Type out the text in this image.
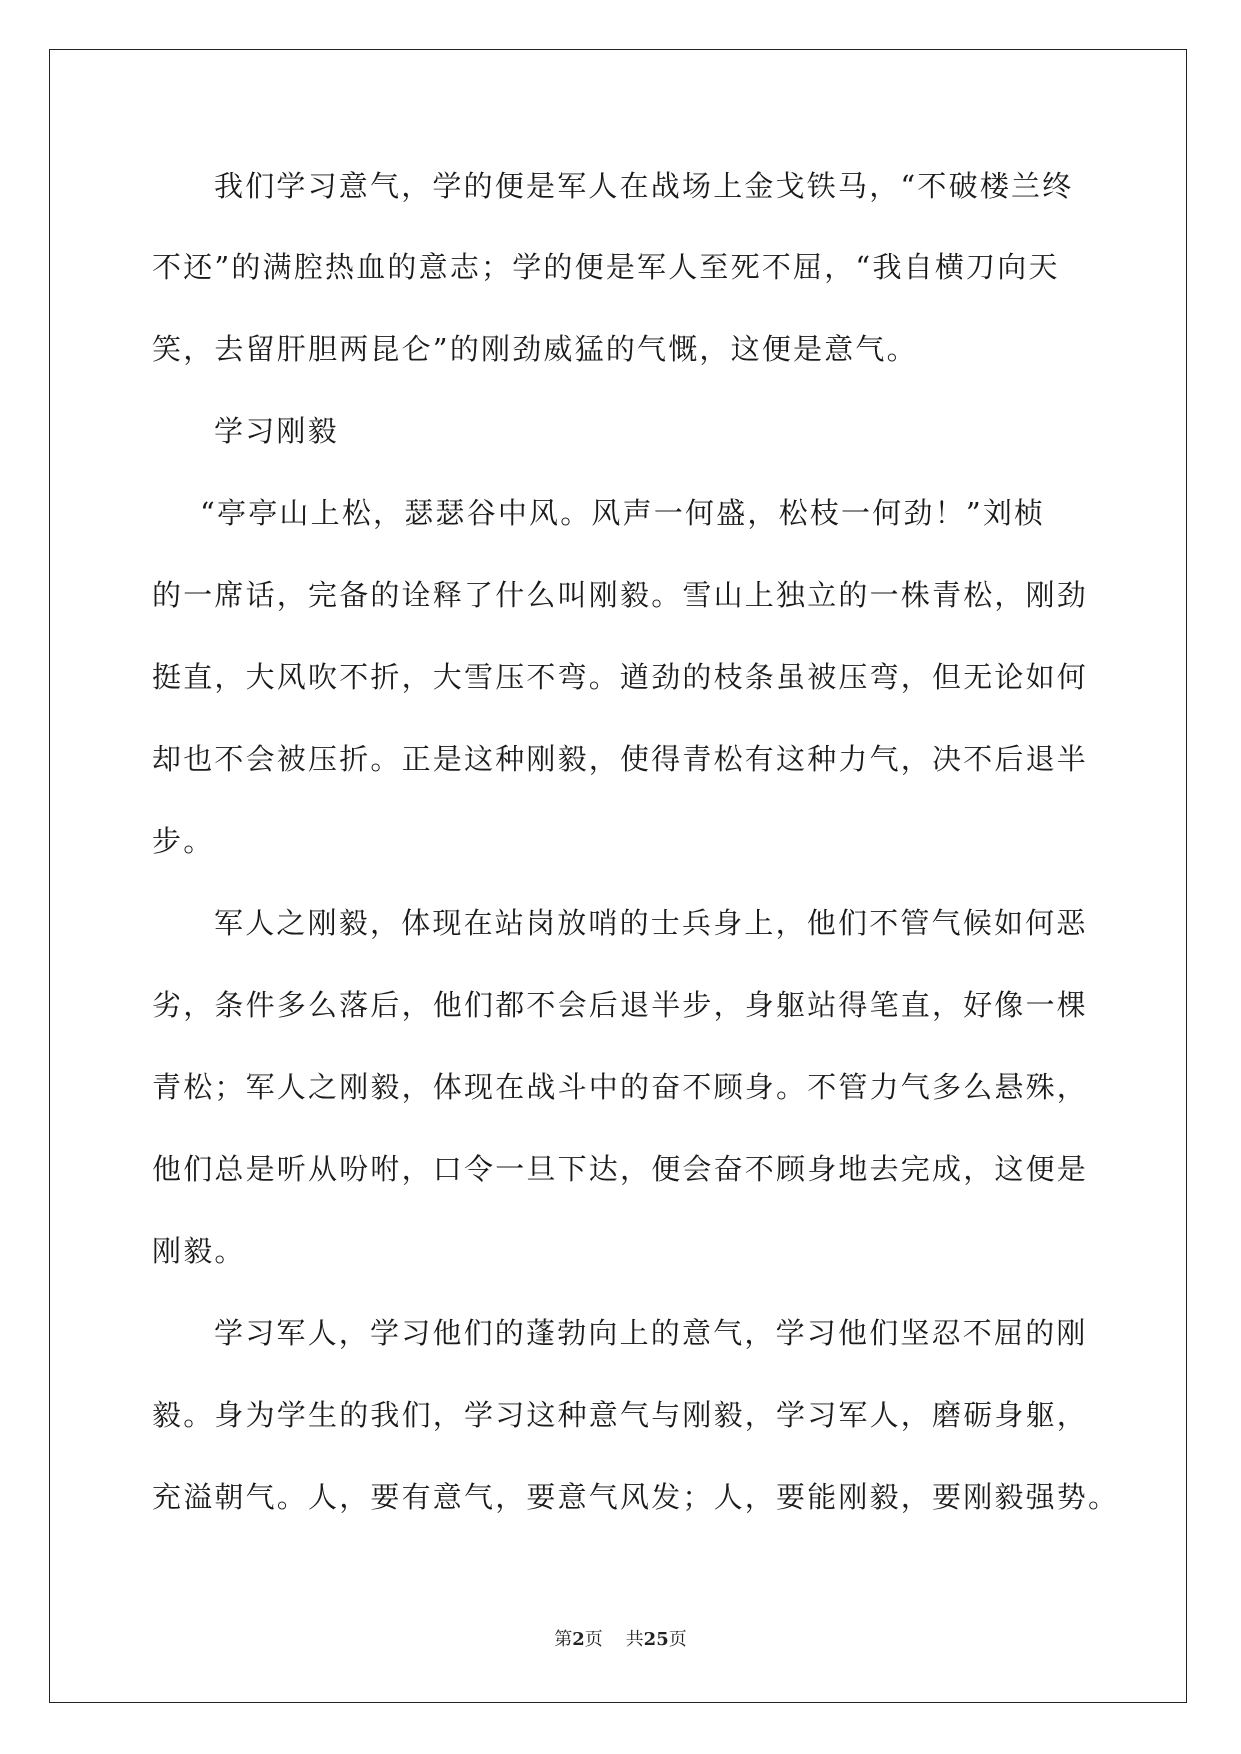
我们学习意气，学的便是军人在战场上金戈铁马，“不破楼兰终
不还”的满腔热血的意志；学的便是军人至死不屈，“我自横刀向天
笑，去留肝胆两昆仑”的刚劲威猛的气慨，这便是意气。
学习刚毅
“亭亭山上松，瑟瑟谷中风。风声一何盛，松枝一何劲！”刘桢
的一席话，完备的诠释了什么叫刚毅。雪山上独立的一株青松，刚劲
挺直，大风吹不折，大雪压不弯。遒劲的枝条虽被压弯，但无论如何
却也不会被压折。正是这种刚毅，使得青松有这种力气，决不后退半
步。
军人之刚毅，体现在站岗放哨的士兵身上，他们不管气候如何恶
劣，条件多么落后，他们都不会后退半步，身躯站得笔直，好像一棵
青松；军人之刚毅，体现在战斗中的奋不顾身。不管力气多么悬殊，
他们总是听从吩咐，口令一旦下达，便会奋不顾身地去完成，这便是
刚毅。
学习军人，学习他们的蓬勃向上的意气，学习他们坚忍不屈的刚
毅。身为学生的我们，学习这种意气与刚毅，学习军人，磨砺身躯，
充溢朝气。人，要有意气，要意气风发；人，要能刚毅，要刚毅强势。
第2页 共25页
